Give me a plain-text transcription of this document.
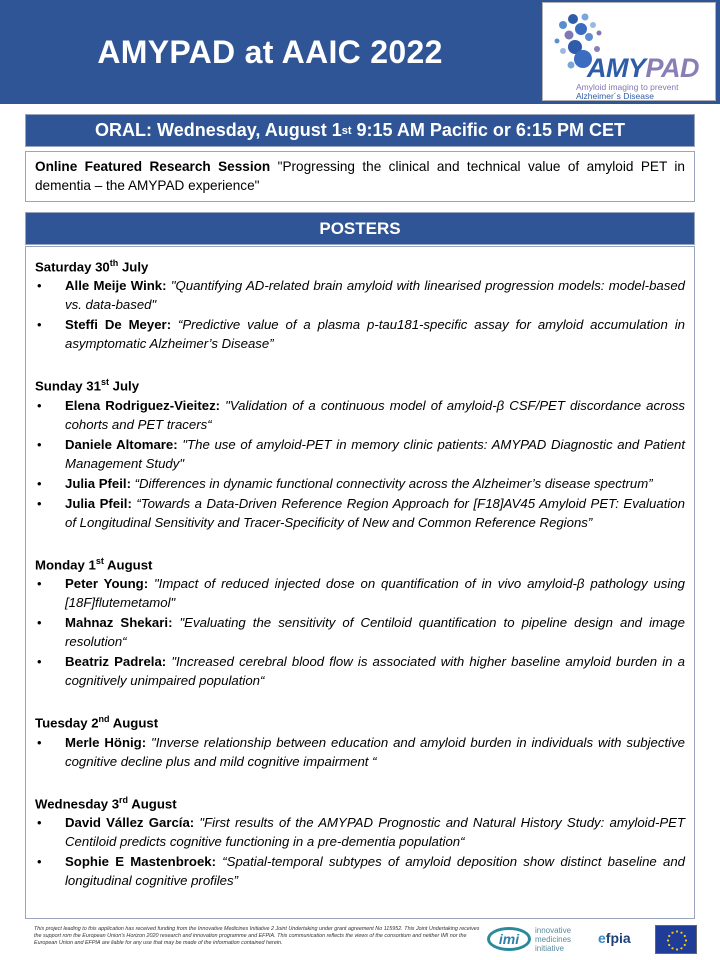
AMYPAD at AAIC 2022	AMYPAD
Amyloid imaging to prevent
Alzheimer´s Disease
ORAL: Wednesday, August 1 st 9:15 AM Pacific or 6:15 PM CET
Online Featured Research Session "Progressing the clinical and technical value of amyloid PET in dementia – the AMYPAD experience"
POSTERS
Saturday 30th July
• Alle Meije Wink: "Quantifying AD-related brain amyloid with linearised progression models: model-based vs. data-based"
• Steffi De Meyer: “Predictive value of a plasma p-tau181-specific assay for amyloid accumulation in asymptomatic Alzheimer’s Disease”
Sunday 31st July
• Elena Rodriguez-Vieitez: "Validation of a continuous model of amyloid-β CSF/PET discordance across cohorts and PET tracers“
• Daniele Altomare: "The use of amyloid-PET in memory clinic patients: AMYPAD Diagnostic and Patient Management Study"
• Julia Pfeil: “Differences in dynamic functional connectivity across the Alzheimer’s disease spectrum”
• Julia Pfeil: “Towards a Data-Driven Reference Region Approach for [F18]AV45 Amyloid PET: Evaluation of Longitudinal Sensitivity and Tracer-Specificity of New and Common Reference Regions”
Monday 1st August
• Peter Young: "Impact of reduced injected dose on quantification of in vivo amyloid-β pathology using [18F]flutemetamol"
• Mahnaz Shekari: "Evaluating the sensitivity of Centiloid quantification to pipeline design and image resolution“
• Beatriz Padrela: "Increased cerebral blood flow is associated with higher baseline amyloid burden in a cognitively unimpaired population“
Tuesday 2nd August
• Merle Hönig: "Inverse relationship between education and amyloid burden in individuals with subjective cognitive decline plus and mild cognitive impairment “
Wednesday 3rd August
• David Vállez García: "First results of the AMYPAD Prognostic and Natural History Study: amyloid-PET Centiloid predicts cognitive functioning in a pre-dementia population“
• Sophie E Mastenbroek: “Spatial-temporal subtypes of amyloid deposition show distinct baseline and longitudinal cognitive profiles”
This project leading to this application has received funding from the Innovative Medicines Initiative 2 Joint Undertaking under grant agreement No 115952. This Joint Undertaking receives the support rom the European Union's Horizon 2020 research and innovation programme and EFPIA. This communication reflects the views of the consortium and neither IMI nor the European Union and EFPIA are liable for any use that may be made of the information contained herein.	imi
innovative
medicines
initiative
efpia
